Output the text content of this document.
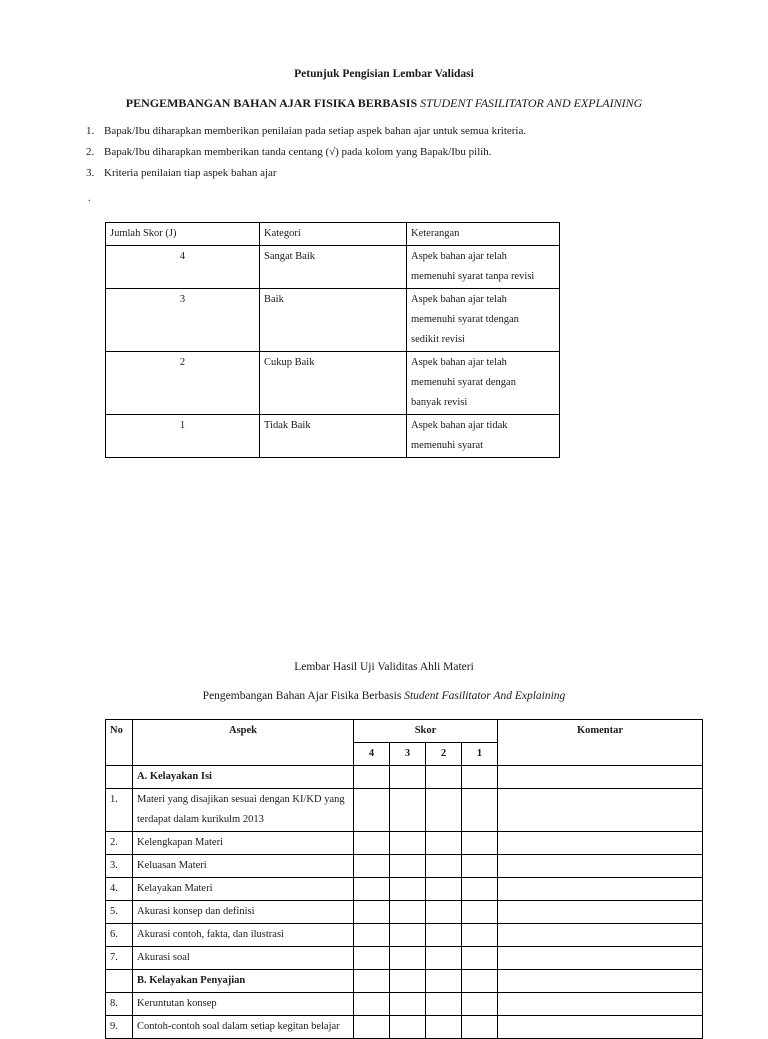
Petunjuk Pengisian Lembar Validasi
PENGEMBANGAN BAHAN AJAR FISIKA BERBASIS STUDENT FASILITATOR AND EXPLAINING
1. Bapak/Ibu diharapkan memberikan penilaian pada setiap aspek bahan ajar untuk semua kriteria.
2. Bapak/Ibu diharapkan memberikan tanda centang (√) pada kolom yang Bapak/Ibu pilih.
3. Kriteria penilaian tiap aspek bahan ajar
.
Jumlah Skor (J)	Kategori	Keterangan
4	Sangat Baik	Aspek bahan ajar telah
memenuhi syarat tanpa revisi

3	Baik	Aspek bahan ajar telah
memenuhi syarat tdengan
sedikit revisi

2	Cukup Baik	Aspek bahan ajar telah
memenuhi syarat dengan
banyak revisi

1	Tidak Baik	Aspek bahan ajar tidak
memenuhi syarat
Lembar Hasil Uji Validitas Ahli Materi
Pengembangan Bahan Ajar Fisika Berbasis Student Fasilitator And Explaining
No	Aspek	Skor				Komentar
		4	3	2	1	
	A. Kelayakan Isi					
1.	Materi yang disajikan sesuai dengan KI/KD yang terdapat dalam kurikulm 2013					
2.	Kelengkapan Materi					
3.	Keluasan Materi					
4.	Kelayakan Materi					
5.	Akurasi konsep dan definisi					
6.	Akurasi contoh, fakta, dan ilustrasi					
7.	Akurasi soal					
	B. Kelayakan Penyajian					
8.	Keruntutan konsep					
9.	Contoh-contoh soal dalam setiap kegitan belajar					
